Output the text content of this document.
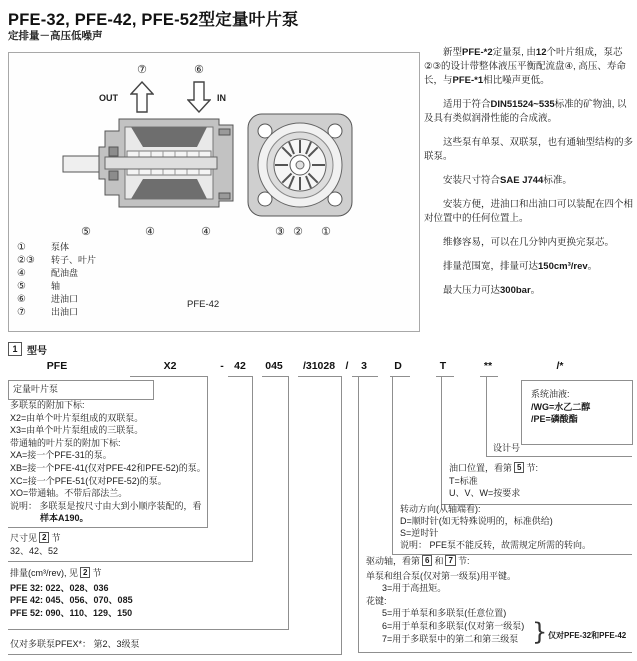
PFE-32, PFE-42, PFE-52型定量叶片泵
定排量－高压低噪声
⑦	⑥
OUT	IN
⑤	④	④	③ ② ①
①	泵体
②③ 转子、叶片
④	配油盘
⑤	轴
⑥	进油口
⑦	出油口
PFE-42

新型PFE-*2定量泵, 由12个叶片组成，泵芯②③的设计带整体液压平衡配流盘④, 高压、寿命长，与PFE-*1相比噪声更低。

适用于符合DIN51524~535标准的矿物油, 以及具有类似润滑性能的合成液。

这些泵有单泵、双联泵，也有通轴型结构的多联泵。

安装尺寸符合SAE J744标准。

安装方便，进油口和出油口可以装配在四个相对位置中的任何位置上。

维修容易，可以在几分钟内更换完泵芯。

排量范围宽，排量可达150cm³/rev。

最大压力可达300bar。

1 型号
PFE	X2	- 42 045 /31028 / 3	D	T	**	/*
定量叶片泵
多联泵的附加下标:
X2=由单个叶片泵组成的双联泵。
X3=由单个叶片泵组成的三联泵。
带通轴的叶片泵的附加下标:
XA=接一个PFE-31的泵。
XB=接一个PFE-41(仅对PFE-42和PFE-52)的泵。
XC=接一个PFE-51(仅对PFE-52)的泵。
XO=带通轴。不带后部法兰。
说明： 多联泵是按尺寸由大到小顺序装配的，看
样本A190。
尺寸见 2 节
32、42、52
排量(cm³/rev), 见 2 节
PFE 32: 022、028、036
PFE 42: 045、056、070、085
PFE 52: 090、110、129、150
仅对多联泵PFEX*： 第2、3级泵
驱动轴，看第 6 和 7 节:
单泵和组合泵(仅对第一级泵)用平键。
3=用于高扭矩。
花键:
5=用于单泵和多联泵(任意位置)
6=用于单泵和多联泵(仅对第一级泵)
7=用于多联泵中的第二和第三级泵 } 仅对PFE-32和PFE-42
转动方向(从轴端看):
D=顺时针(如无特殊说明的，标准供给)
S=逆时针
说明： PFE泵不能反转，故需规定所需的转向。
油口位置，看第 5 节:
T=标准
U、V、W=按要求
设计号
系统油液:
/WG=水乙二醇
/PE=磷酸酯
